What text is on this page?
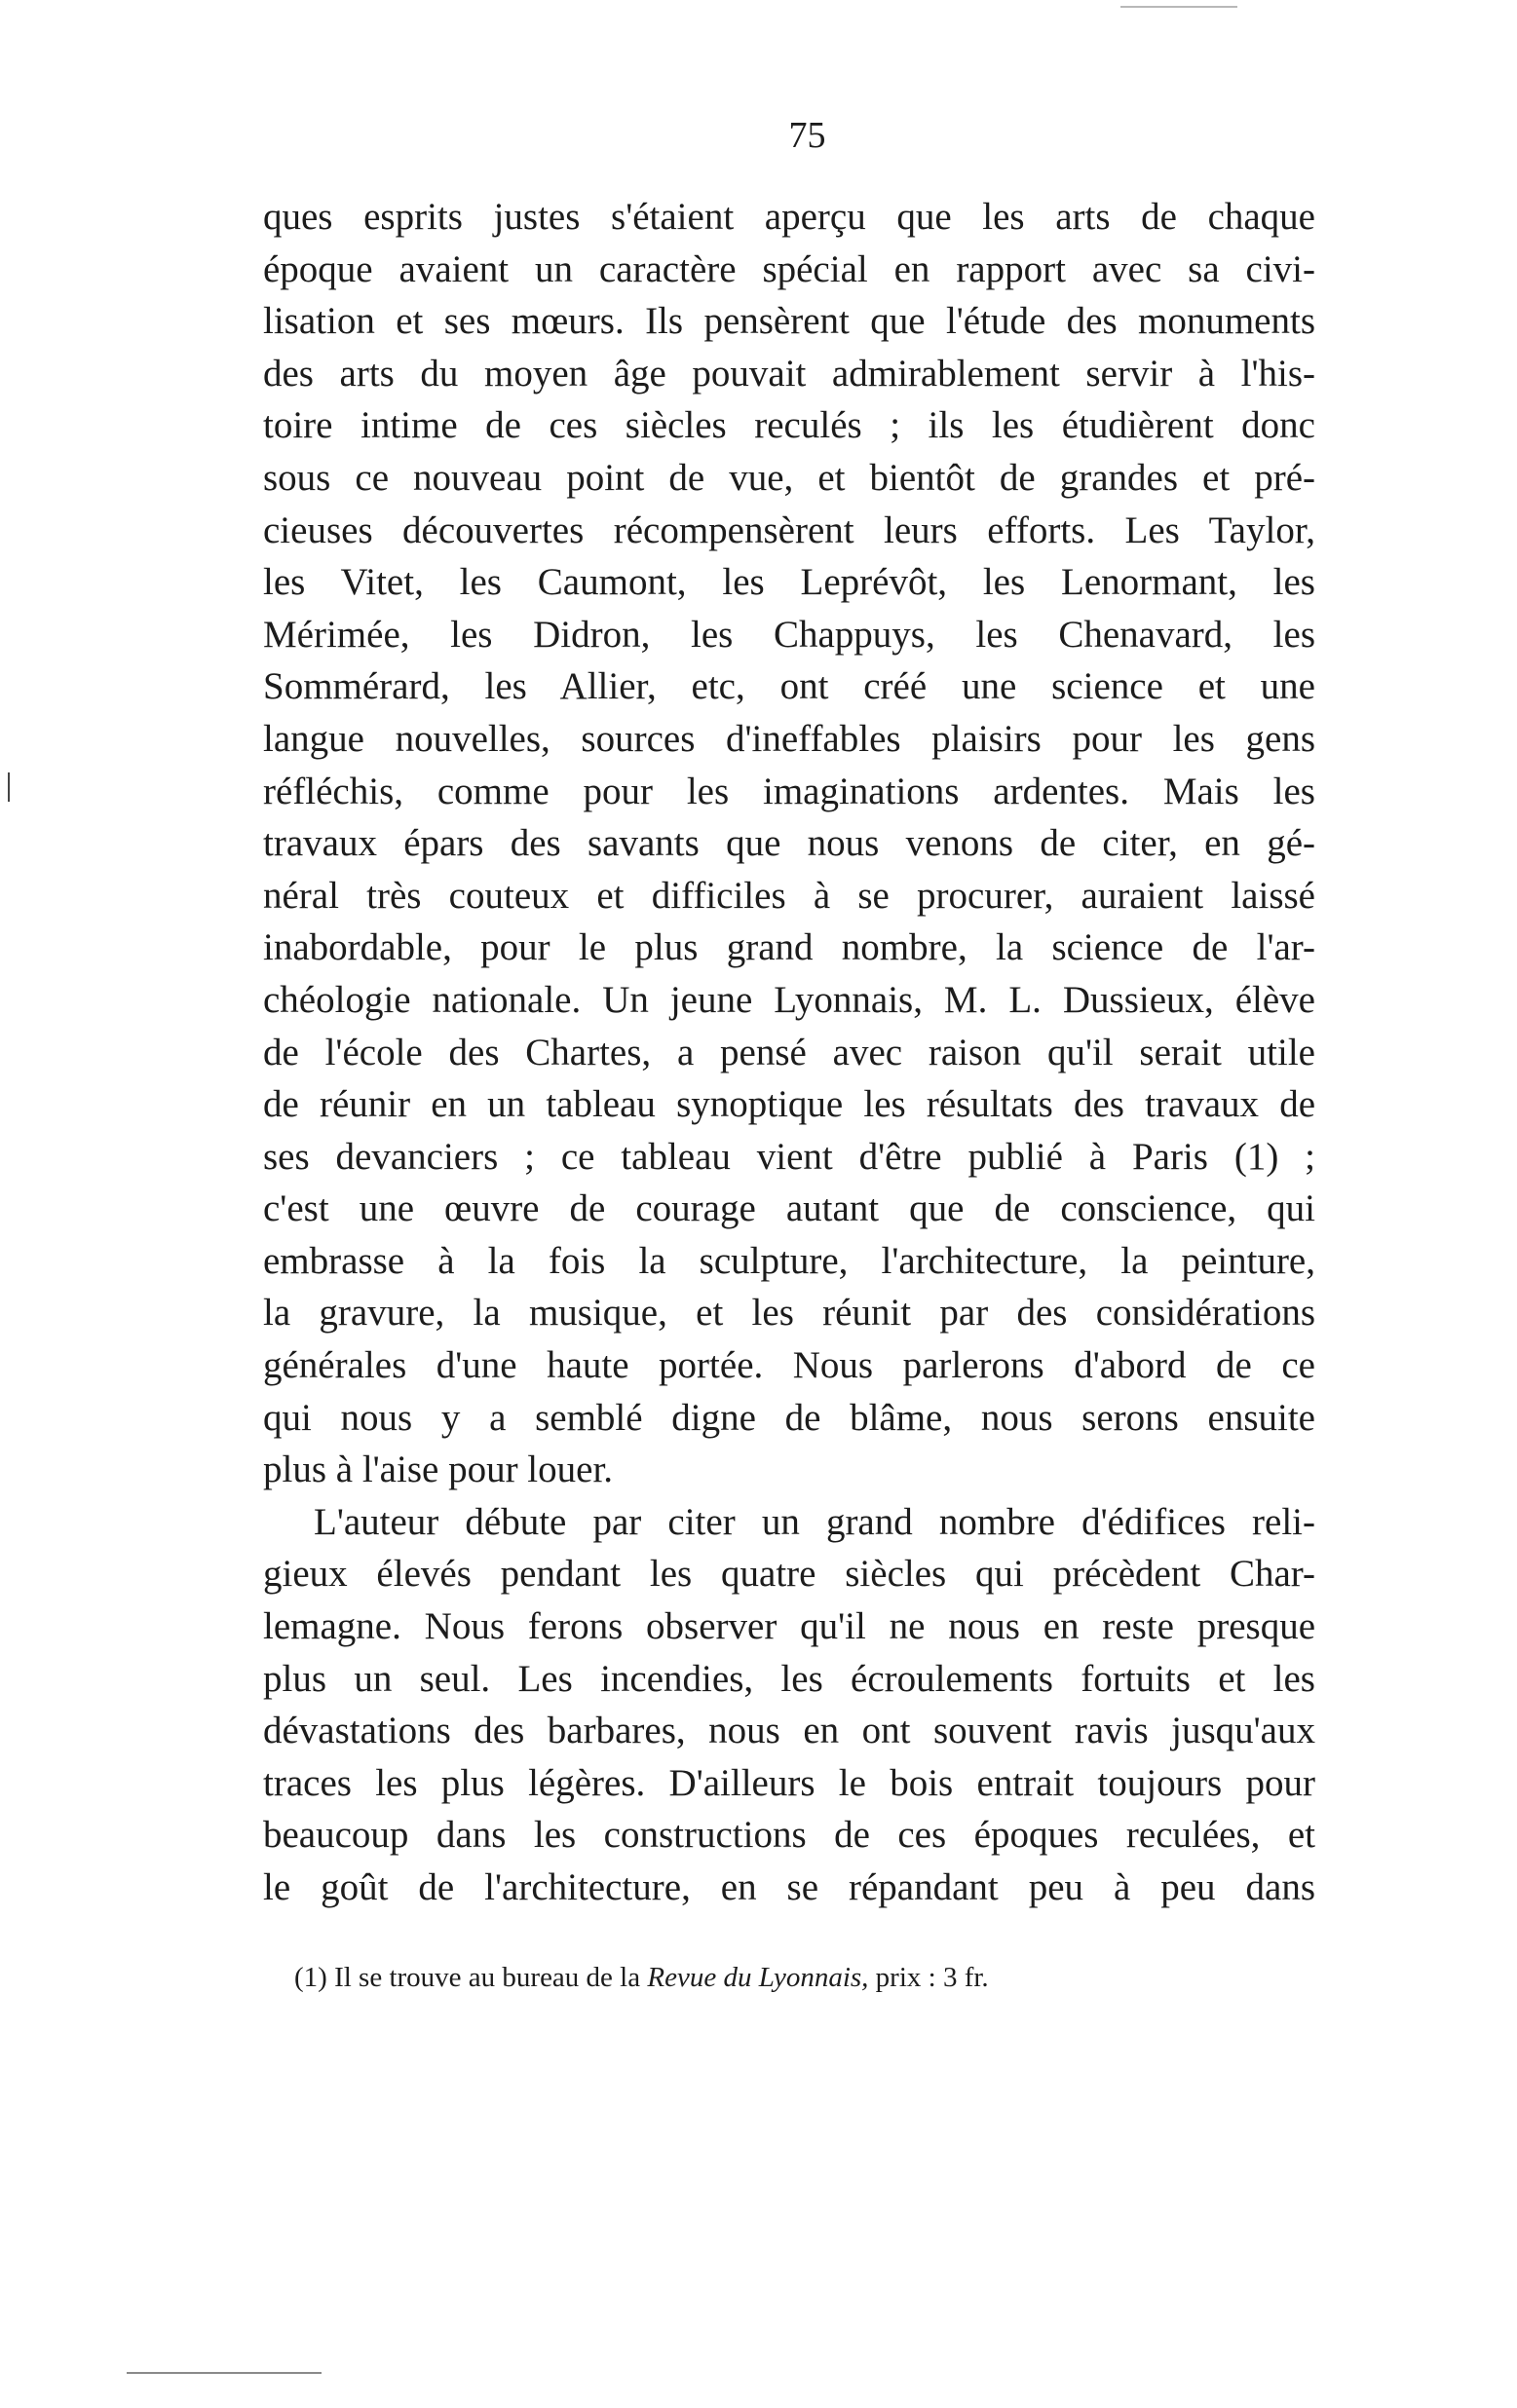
75
ques esprits justes s'étaient aperçu que les arts de chaque
époque avaient un caractère spécial en rapport avec sa civi-
lisation et ses mœurs. Ils pensèrent que l'étude des monuments
des arts du moyen âge pouvait admirablement servir à l'his-
toire intime de ces siècles reculés ; ils les étudièrent donc
sous ce nouveau point de vue, et bientôt de grandes et pré-
cieuses découvertes récompensèrent leurs efforts. Les Taylor,
les Vitet, les Caumont, les Leprévôt, les Lenormant, les
Mérimée, les Didron, les Chappuys, les Chenavard, les
Sommérard, les Allier, etc, ont créé une science et une
langue nouvelles, sources d'ineffables plaisirs pour les gens
réfléchis, comme pour les imaginations ardentes. Mais les
travaux épars des savants que nous venons de citer, en gé-
néral très couteux et difficiles à se procurer, auraient laissé
inabordable, pour le plus grand nombre, la science de l'ar-
chéologie nationale. Un jeune Lyonnais, M. L. Dussieux, élève
de l'école des Chartes, a pensé avec raison qu'il serait utile
de réunir en un tableau synoptique les résultats des travaux de
ses devanciers ; ce tableau vient d'être publié à Paris (1) ;
c'est une œuvre de courage autant que de conscience, qui
embrasse à la fois la sculpture, l'architecture, la peinture,
la gravure, la musique, et les réunit par des considérations
générales d'une haute portée. Nous parlerons d'abord de ce
qui nous y a semblé digne de blâme, nous serons ensuite
plus à l'aise pour louer.
L'auteur débute par citer un grand nombre d'édifices reli-
gieux élevés pendant les quatre siècles qui précèdent Char-
lemagne. Nous ferons observer qu'il ne nous en reste presque
plus un seul. Les incendies, les écroulements fortuits et les
dévastations des barbares, nous en ont souvent ravis jusqu'aux
traces les plus légères. D'ailleurs le bois entrait toujours pour
beaucoup dans les constructions de ces époques reculées, et
le goût de l'architecture, en se répandant peu à peu dans
(1) Il se trouve au bureau de la Revue du Lyonnais, prix : 3 fr.
